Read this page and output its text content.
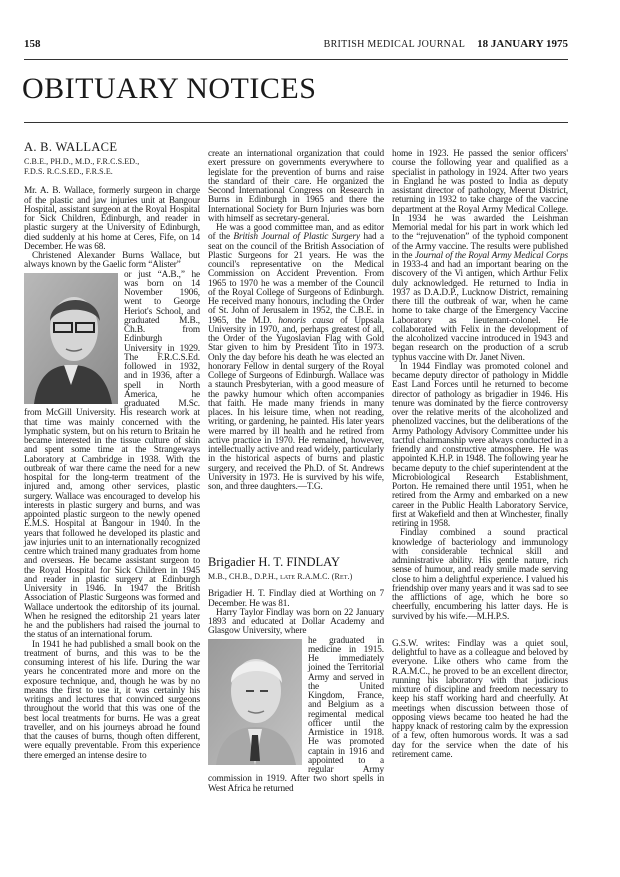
158	BRITISH MEDICAL JOURNAL 18 JANUARY 1975
OBITUARY NOTICES
A. B. WALLACE
C.B.E., PH.D., M.D., F.R.C.S.ED.,
F.D.S. R.C.S.ED., F.R.S.E.

Mr. A. B. Wallace, formerly surgeon in charge of the plastic and jaw injuries unit at Bangour Hospital, assistant surgeon at the Royal Hospital for Sick Children, Edinburgh, and reader in plastic surgery at the University of Edinburgh, died suddenly at his home at Ceres, Fife, on 14 December. He was 68.

Christened Alexander Burns Wallace, but always known by the Gaelic form “Alister”

or just “A.B.,” he was born on 14 November 1906, went to George Heriot's School, and graduated M.B., Ch.B. from Edinburgh University in 1929. The F.R.C.S.Ed. followed in 1932, and in 1936, after a spell in North America, he graduated M.Sc. from McGill University. His research work at that time was mainly concerned with the lymphatic system, but on his return to Britain he became interested in the tissue culture of skin and spent some time at the Strangeways Laboratory at Cambridge in 1938. With the outbreak of war there came the need for a new hospital for the long-term treatment of the injured and, among other services, plastic surgery. Wallace was encouraged to develop his interests in plastic surgery and burns, and was appointed plastic surgeon to the newly opened E.M.S. Hospital at Bangour in 1940. In the years that followed he developed its plastic and jaw injuries unit to an internationally recognized centre which trained many graduates from home and overseas. He became assistant surgeon to the Royal Hospital for Sick Children in 1945 and reader in plastic surgery at Edinburgh University in 1946. In 1947 the British Association of Plastic Surgeons was formed and Wallace undertook the editorship of its journal. When he resigned the editorship 21 years later he and the publishers had raised the journal to the status of an international forum.

In 1941 he had published a small book on the treatment of burns, and this was to be the consuming interest of his life. During the war years he concentrated more and more on the exposure technique, and, though he was by no means the first to use it, it was certainly his writings and lectures that convinced surgeons throughout the world that this was one of the best local treatments for burns. He was a great traveller, and on his journeys abroad he found that the causes of burns, though often different, were equally preventable. From this experience there emerged an intense desire to

create an international organization that could exert pressure on governments everywhere to legislate for the prevention of burns and raise the standard of their care. He organized the Second International Congress on Research in Burns in Edinburgh in 1965 and there the International Society for Burn Injuries was born with himself as secretary-general.

He was a good committee man, and as editor of the British Journal of Plastic Surgery had a seat on the council of the British Association of Plastic Surgeons for 21 years. He was the council's representative on the Medical Commission on Accident Prevention. From 1965 to 1970 he was a member of the Council of the Royal College of Surgeons of Edinburgh. He received many honours, including the Order of St. John of Jerusalem in 1952, the C.B.E. in 1965, the M.D. honoris causa of Uppsala University in 1970, and, perhaps greatest of all, the Order of the Yugoslavian Flag with Gold Star given to him by President Tito in 1973. Only the day before his death he was elected an honorary Fellow in dental surgery of the Royal College of Surgeons of Edinburgh. Wallace was a staunch Presbyterian, with a good measure of the pawky humour which often accompanies that faith. He made many friends in many places. In his leisure time, when not reading, writing, or gardening, he painted. His later years were marred by ill health and he retired from active practice in 1970. He remained, however, intellectually active and read widely, particularly in the historical aspects of burns and plastic surgery, and received the Ph.D. of St. Andrews University in 1973. He is survived by his wife, son, and three daughters.—T.G.

Brigadier H. T. FINDLAY
M.B., CH.B., D.P.H., late R.A.M.C. (Ret.)

Brigadier H. T. Findlay died at Worthing on 7 December. He was 81.

Harry Taylor Findlay was born on 22 January 1893 and educated at Dollar Academy and Glasgow University, where

he graduated in medicine in 1915. He immediately joined the Territorial Army and served in the United Kingdom, France, and Belgium as a regimental medical officer until the Armistice in 1918. He was promoted captain in 1916 and appointed to a regular Army commission in 1919. After two short spells in West Africa he returned

home in 1923. He passed the senior officers' course the following year and qualified as a specialist in pathology in 1924. After two years in England he was posted to India as deputy assistant director of pathology, Meerut District, returning in 1932 to take charge of the vaccine department at the Royal Army Medical College. In 1934 he was awarded the Leishman Memorial medal for his part in work which led to the “rejuvenation” of the typhoid component of the Army vaccine. The results were published in the Journal of the Royal Army Medical Corps in 1933-4 and had an important bearing on the discovery of the Vi antigen, which Arthur Felix duly acknowledged. He returned to India in 1937 as D.A.D.P., Lucknow District, remaining there till the outbreak of war, when he came home to take charge of the Emergency Vaccine Laboratory as lieutenant-colonel. He collaborated with Felix in the development of the alcoholized vaccine introduced in 1943 and began research on the production of a scrub typhus vaccine with Dr. Janet Niven.

In 1944 Findlay was promoted colonel and became deputy director of pathology in Middle East Land Forces until he returned to become director of pathology as brigadier in 1946. His tenure was dominated by the fierce controversy over the relative merits of the alcoholized and phenolized vaccines, but the deliberations of the Army Pathology Advisory Committee under his tactful chairmanship were always conducted in a friendly and constructive atmosphere. He was appointed K.H.P. in 1948. The following year he became deputy to the chief superintendent at the Microbiological Research Establishment, Porton. He remained there until 1951, when he retired from the Army and embarked on a new career in the Public Health Laboratory Service, first at Wakefield and then at Winchester, finally retiring in 1958.

Findlay combined a sound practical knowledge of bacteriology and immunology with considerable technical skill and administrative ability. His gentle nature, rich sense of humour, and ready smile made serving close to him a delightful experience. I valued his friendship over many years and it was sad to see the afflictions of age, which he bore so cheerfully, encumbering his latter days. He is survived by his wife.—M.H.P.S.

G.S.W. writes: Findlay was a quiet soul, delightful to have as a colleague and beloved by everyone. Like others who came from the R.A.M.C., he proved to be an excellent director, running his laboratory with that judicious mixture of discipline and freedom necessary to keep his staff working hard and cheerfully. At meetings when discussion between those of opposing views became too heated he had the happy knack of restoring calm by the expression of a few, often humorous words. It was a sad day for the service when the date of his retirement came.
